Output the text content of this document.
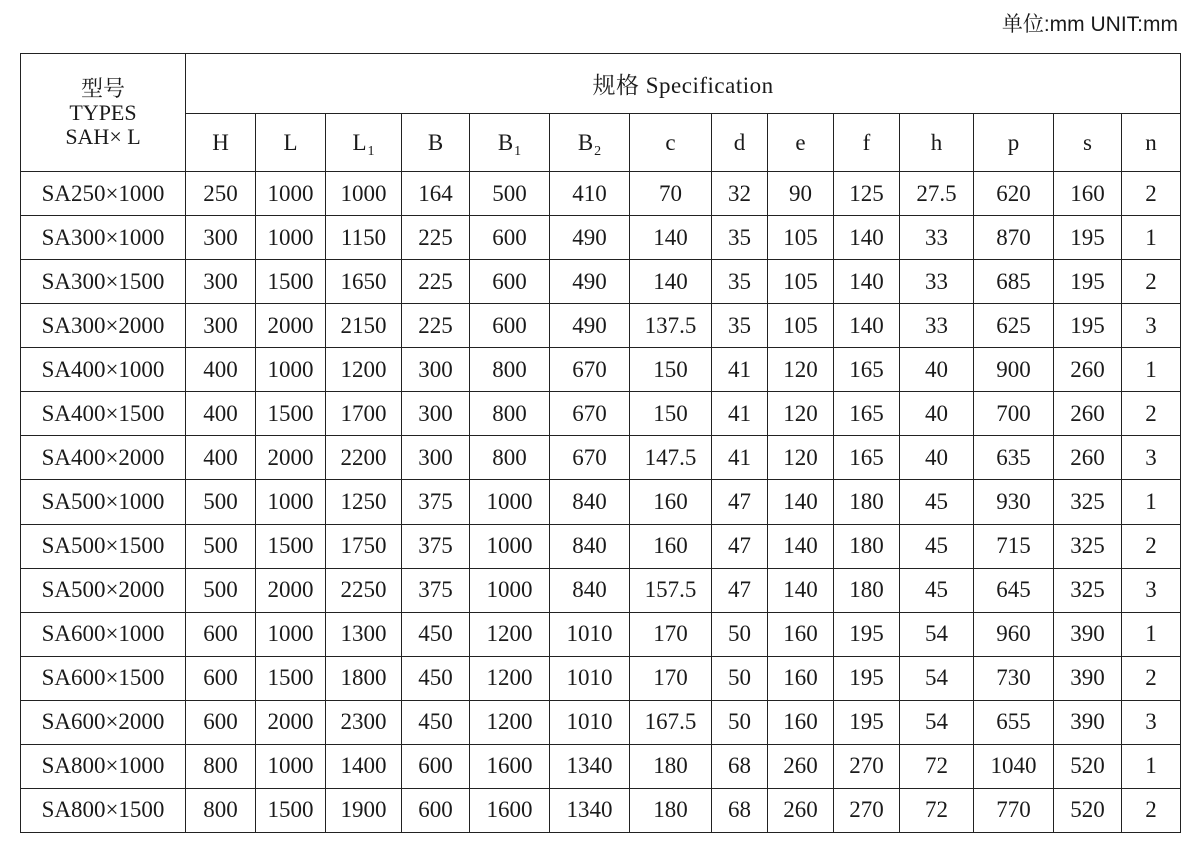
单位:mm UNIT:mm
型号
TYPES
SAH× L	规格 Specification													
	H	L	$L_1$	B	$B_1$	$B_2$	c	d	e	f	h	p	s	n
SA250×1000	250	1000	1000	164	500	410	70	32	90	125	27.5	620	160	2
SA300×1000	300	1000	1150	225	600	490	140	35	105	140	33	870	195	1
SA300×1500	300	1500	1650	225	600	490	140	35	105	140	33	685	195	2
SA300×2000	300	2000	2150	225	600	490	137.5	35	105	140	33	625	195	3
SA400×1000	400	1000	1200	300	800	670	150	41	120	165	40	900	260	1
SA400×1500	400	1500	1700	300	800	670	150	41	120	165	40	700	260	2
SA400×2000	400	2000	2200	300	800	670	147.5	41	120	165	40	635	260	3
SA500×1000	500	1000	1250	375	1000	840	160	47	140	180	45	930	325	1
SA500×1500	500	1500	1750	375	1000	840	160	47	140	180	45	715	325	2
SA500×2000	500	2000	2250	375	1000	840	157.5	47	140	180	45	645	325	3
SA600×1000	600	1000	1300	450	1200	1010	170	50	160	195	54	960	390	1
SA600×1500	600	1500	1800	450	1200	1010	170	50	160	195	54	730	390	2
SA600×2000	600	2000	2300	450	1200	1010	167.5	50	160	195	54	655	390	3
SA800×1000	800	1000	1400	600	1600	1340	180	68	260	270	72	1040	520	1
SA800×1500	800	1500	1900	600	1600	1340	180	68	260	270	72	770	520	2
